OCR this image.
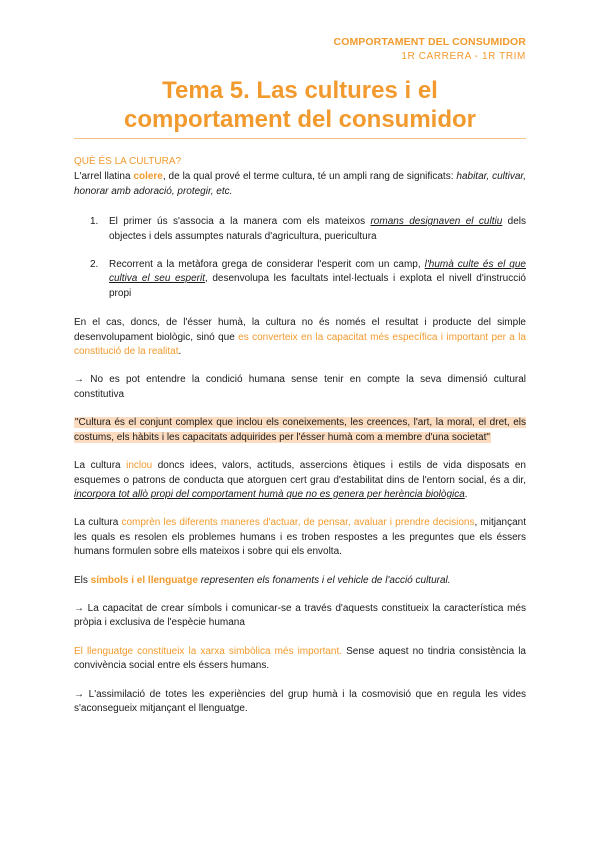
COMPORTAMENT DEL CONSUMIDOR
1R CARRERA - 1R TRIM
Tema 5. Las cultures i el
comportament del consumidor

QUÈ ÉS LA CULTURA?

L'arrel llatina colere, de la qual prové el terme cultura, té un ampli rang de significats: habitar, cultivar, honorar amb adoració, protegir, etc.

1. El primer ús s'associa a la manera com els mateixos romans designaven el cultiu dels objectes i dels assumptes naturals d'agricultura, puericultura
2. Recorrent a la metàfora grega de considerar l'esperit com un camp, l'humà culte és el que cultiva el seu esperit, desenvolupa les facultats intel·lectuals i explota el nivell d'instrucció propi

En el cas, doncs, de l'ésser humà, la cultura no és només el resultat i producte del simple desenvolupament biològic, sinó que es converteix en la capacitat més específica i important per a la constitució de la realitat.

→ No es pot entendre la condició humana sense tenir en compte la seva dimensió cultural constitutiva

"Cultura és el conjunt complex que inclou els coneixements, les creences, l'art, la moral, el dret, els costums, els hàbits i les capacitats adquirides per l'ésser humà com a membre d'una societat"

La cultura inclou doncs idees, valors, actituds, assercions ètiques i estils de vida disposats en esquemes o patrons de conducta que atorguen cert grau d'estabilitat dins de l'entorn social, és a dir, incorpora tot allò propi del comportament humà que no es genera per herència biològica.

La cultura comprèn les diferents maneres d'actuar, de pensar, avaluar i prendre decisions, mitjançant les quals es resolen els problemes humans i es troben respostes a les preguntes que els éssers humans formulen sobre ells mateixos i sobre qui els envolta.

Els símbols i el llenguatge representen els fonaments i el vehicle de l'acció cultural.

→ La capacitat de crear símbols i comunicar-se a través d'aquests constitueix la característica més pròpia i exclusiva de l'espècie humana

El llenguatge constitueix la xarxa simbòlica més important. Sense aquest no tindria consistència la convivència social entre els éssers humans.

→ L'assimilació de totes les experiències del grup humà i la cosmovisió que en regula les vides s'aconsegueix mitjançant el llenguatge.
